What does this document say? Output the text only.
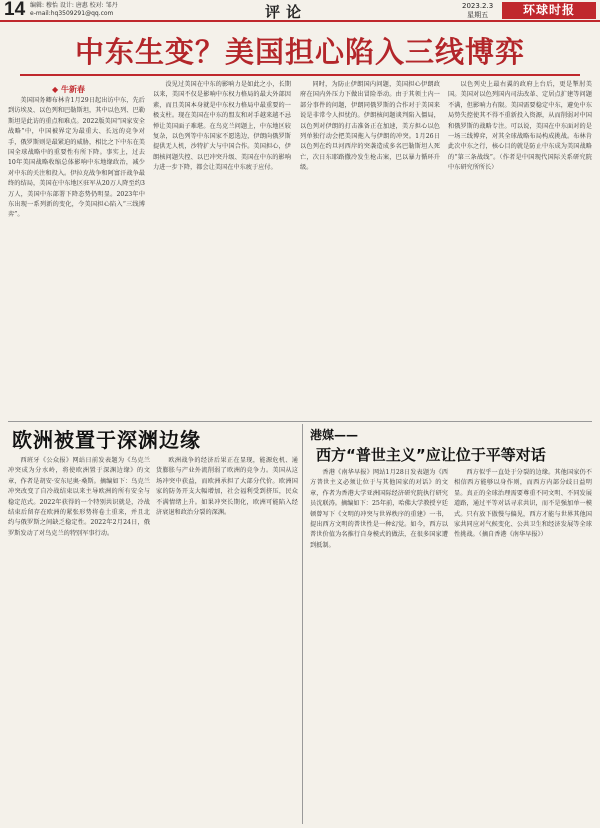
14 编辑: 穆怡 设计: 唐惠 校对: 邹丹
e-mail:hq3509291@qq.com	评论	2023.2.3
星期五	环球时报
中东生变？美国担心陷入三线博弈
◆ 牛新春

美国国务卿布林肯1月29日起出访中东，先后到访埃及、以色列和巴勒斯坦，其中以色列、巴勒斯坦是此访的重点和难点。2022版美国“国家安全战略”中，中国被界定为最重大、长远的竞争对手，俄罗斯则是最紧迫的威胁，相比之下中东在美国全球战略中的重要性有所下降。事实上，过去10年美国战略收缩总体影响中东地缘政治，减少对中东的关注和投入。伊拉克战争和阿富汗战争最终的结局，美国在中东地区驻军从20万人降至约3万人，美国中东部署下降态势仍明显。2023年中东出现一系列新的变化，令美国担心陷入“三线博弈”。

没见过美国在中东的影响力是如此之小，长期以来，美国不仅是影响中东权力格局的最大外部因素，而且美国本身就是中东权力格局中最重要的一极支柱。现在美国在中东的盟友和对手越来越不忌惮让美国面子难堪。在鸟克兰问题上，中东地区较复杂，以色列等中东国家不愿选边，伊朗向俄罗斯提供无人机，沙特扩大与中国合作。美国担心，伊朗核问题失控、以巴冲突升级、美国在中东的影响力进一步下降，都会让美国在中东疲于应付。

同时，为防止伊朗国内问题，美国担心伊朗政府在国内外压力下做出冒险举动。由于其领土内一部分事件的问题，伊朗同俄罗斯的合作对于美国来说是非常令人担忧的。伊朗核问题谈判陷入僵局，以色列对伊朗的打击准备正在加速，美方担心以色列单独行动会把美国拖入与伊朗的冲突。1月26日以色列在约旦河西岸的突袭造成多名巴勒斯坦人死亡，次日东耶路撒冷发生枪击案，巴以暴力循环升级。

以色列史上最右翼的政府上台后，更是掣肘美国。美国对以色列国内司法改革、定居点扩建等问题不满，但影响力有限。美国需要稳定中东，避免中东局势失控使其不得不重新投入资源，从而削弱对中国和俄罗斯的战略专注。可以说，美国在中东面对的是一场三线博弈，对其全球战略布局构成挑战。布林肯此次中东之行，核心目的就是防止中东成为美国战略的“第三条战线”。（作者是中国现代国际关系研究院中东研究所所长）

欧洲被置于深渊边缘

西班牙《公众报》网站日前发表题为《鸟克兰冲突成为分水岭，将使欧洲置于深渊边缘》的文章，作者是胡安·安东尼奥·桑斯。摘编如下：鸟克兰冲突改变了自冷战结束以来主导欧洲的所有安全与稳定范式。2022年获得的一个特别共识就是，冷战结束后留存在欧洲的紧张形势将卷土重来，并且北约与俄罗斯之间缺乏稳定性。2022年2月24日，俄罗斯发动了对鸟克兰的特别军事行动。

欧洲战争的经济后果正在显现，能源危机、通货膨胀与产业外流削弱了欧洲的竞争力。美国从这场冲突中获益，而欧洲承担了大部分代价。欧洲国家的防务开支大幅增加，社会福利受到挤压，民众不满情绪上升。如果冲突长期化，欧洲可能陷入经济衰退和政治分裂的深渊。

港媒——
西方“普世主义”应让位于平等对话

香港《南华早报》网站1月28日发表题为《西方普世主义必须让位于与其他国家的对话》的文章，作者为香港大学亚洲国际经济研究院执行研究员沈联涛。摘编如下：25年前，哈佛大学教授亨廷顿曾写下《文明的冲突与世界秩序的重建》一书，提出西方文明的普世性是一种幻觉。如今，西方以普世价值为名推行自身模式的做法，在很多国家遭到抵制。

西方似乎一直处于分裂的边缘。其他国家仍不相信西方能够以身作则，而西方内部分歧日益明显。真正的全球治理需要尊重不同文明、不同发展道路，通过平等对话寻求共识，而不是强加单一模式。只有放下傲慢与偏见，西方才能与世界其他国家共同应对气候变化、公共卫生和经济发展等全球性挑战。（摘自香港《南华早报》）
